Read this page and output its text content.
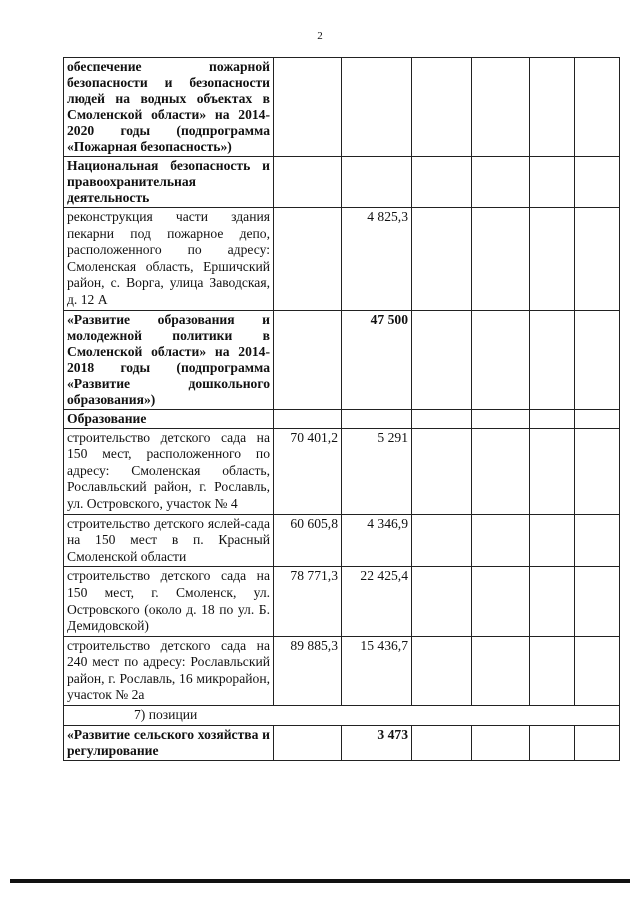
2
обеспечение пожарной безопасности и безопасности людей на водных объектах в Смоленской области» на 2014-2020 годы (подпрограмма «Пожарная безопасность»)						
Национальная безопасность и правоохранительная деятельность						
реконструкция части здания пекарни под пожарное депо, расположенного по адресу: Смоленская область, Ершичский район, с. Ворга, улица Заводская, д. 12 А		4 825,3				
«Развитие образования и молодежной политики в Смоленской области» на 2014-2018 годы (подпрограмма «Развитие дошкольного образования»)		47 500				
Образование						
строительство детского сада на 150 мест, расположенного по адресу: Смоленская область, Рославльский район, г. Рославль, ул. Островского, участок № 4	70 401,2	5 291				
строительство детского яслей-сада на 150 мест в п. Красный Смоленской области	60 605,8	4 346,9				
строительство детского сада на 150 мест, г. Смоленск, ул. Островского (около д. 18 по ул. Б. Демидовской)	78 771,3	22 425,4				
строительство детского сада на 240 мест по адресу: Рославльский район, г. Рославль, 16 микрорайон, участок № 2а	89 885,3	15 436,7				
7) позиции						
«Развитие сельского хозяйства и регулирование		3 473				
